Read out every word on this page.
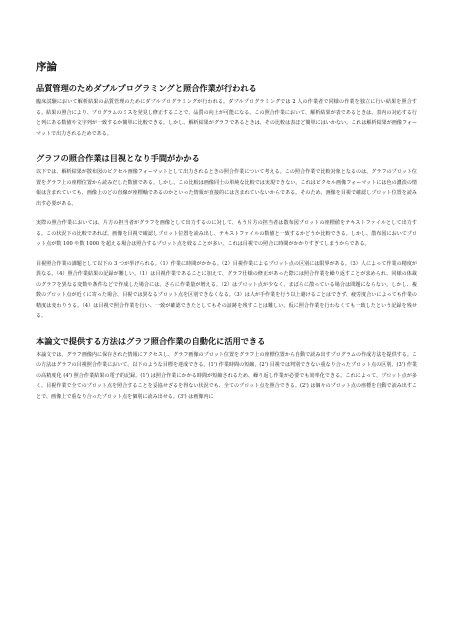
序論
品質管理のためダブルプログラミングと照合作業が行われる

臨床試験において解析結果の品質管理のためにダブルプログラミングが行われる。ダブルプログラミングでは 2 人の作業者で同様の作業を独立に行い結果を照合する。結果の照合により、プログラムのミスを発見し修正することで、品質の向上が可能になる。この照合作業において、解析結果が表であるときは、表内の対応する行と列にある数値や文字列が一致するか簡単に比較できる。しかし、解析結果がグラフであるときは、その比較は表ほど簡単にはいかない。これは解析結果が画像フォーマットで出力されるためである。

グラフの照合作業は目視となり手間がかかる

以下では、解析結果が散布図のピクセル画像フォーマットとして出力されるときの照合作業について考える。この照合作業で比較対象となるのは、グラフのプロット位置をグラフ上の座標位置から読みだした数値である。しかし、この比較は画像同士の単純な比較では実現できない。これはピクセル画像フォーマットには色の濃淡の情報は含まれていても、画像上のどの直線が座標軸であるのかといった情報が直接的には含まれていないからである。そのため、画像を目視で確認しプロット位置を読み出す必要がある。

実際の照合作業においては、片方の担当者がグラフを画像として出力するのに対して、もう片方の担当者は散布図プロットの座標値をテキストファイルとして出力する。この状況下の比較であれば、画像を目視で確認しプロット位置を読み出し、テキストファイルの数値と一致するかどうか比較できる。しかし、散布図においてプロット点が数 100 や数 1000 を超える場合は照合するプロット点を絞ることが多い。これは目視での照合に時間がかかりすぎてしまうからである。

目視照合作業の課題として以下の 3 つが挙げられる。（1）作業に時間がかかる。（2）目視作業によるプロット点の区別には限界がある。（3）人によって作業の精度が異なる。（4）照合作業結果の記録が難しい。（1）は目視作業であることに加えて、グラフ仕様の修正があった際には照合作業を繰り返すことが求められ、同様の体裁のグラフを異なる変数や条件などで作成した場合には、さらに作業量が増える。（2）はプロット点が少なく、まばらに散っている場合は問題にならない。しかし、複数のプロット点が近くに寄った場合、目視では異なるプロット点を区別できなくなる。（3）は人が手作業を行う以上避けることはできず、疲労度合いによっても作業の精度は変わりうる。（4）は目視で照合作業を行い、一致が確認できたとしてもその証跡を残すことは難しい。仮に照合作業を行わなくても一致したという記録を残せる。

本論文で提供する方法はグラフ照合作業の自動化に活用できる

本論文では、グラフ画像内に保存された情報にアクセスし、グラフ画像のプロット位置をグラフ上の座標位置から自動で読み出すプログラムの作成方法を提供する。この方法はグラフの目視照合作業において、以下のような目標を達成できる。(1') 作業時間の短縮、(2') 目視では判別できない重なり合ったプロット点の区別、(3') 作業の高精度化 (4') 照合作業結果の電子的記録。(1') は照合作業にかかる時間が短縮されるため、繰り返し作業が必要でも効率化できる。これによって、プロット点が多く、目視作業で全てのプロット点を照合することを妥協せざるを得ない状況でも、全てのプロット点を照合できる。(2') は個々のプロット点の座標を自動で読み出すことで、画像上で重なり合ったプロット点を個別に読み出せる。(3') は画像内に
